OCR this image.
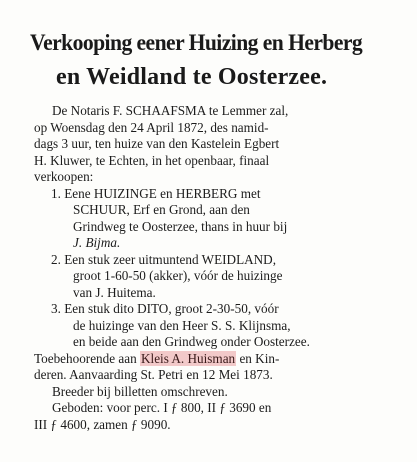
Verkooping eener Huizing en Herberg
en Weidland te Oosterzee.
De Notaris F. SCHAAFSMA te Lemmer zal,
op Woensdag den 24 April 1872, des namid-
dags 3 uur, ten huize van den Kastelein Egbert
H. Kluwer, te Echten, in het openbaar, finaal
verkoopen:
1. Eene HUIZINGE en HERBERG met
SCHUUR, Erf en Grond, aan den
Grindweg te Oosterzee, thans in huur bij
J. Bijma.
2. Een stuk zeer uitmuntend WEIDLAND,
groot 1-60-50 (akker), vóór de huizinge
van J. Huitema.
3. Een stuk dito DITO, groot 2-30-50, vóór
de huizinge van den Heer S. S. Klijnsma,
en beide aan den Grindweg onder Oosterzee.
Toebehoorende aan Kleis A. Huisman en Kin-
deren. Aanvaarding St. Petri en 12 Mei 1873.
Breeder bij billetten omschreven.
Geboden: voor perc. I ƒ 800, II ƒ 3690 en
III ƒ 4600, zamen ƒ 9090.
